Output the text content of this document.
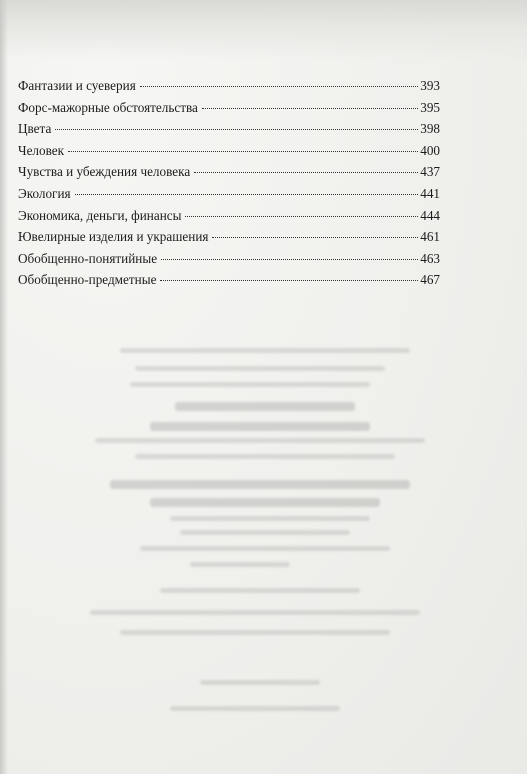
Фантазии и суеверия	393
Форс-мажорные обстоятельства	395
Цвета	398
Человек	400
Чувства и убеждения человека	437
Экология	441
Экономика, деньги, финансы	444
Ювелирные изделия и украшения	461
Обобщенно-понятийные	463
Обобщенно-предметные	467
